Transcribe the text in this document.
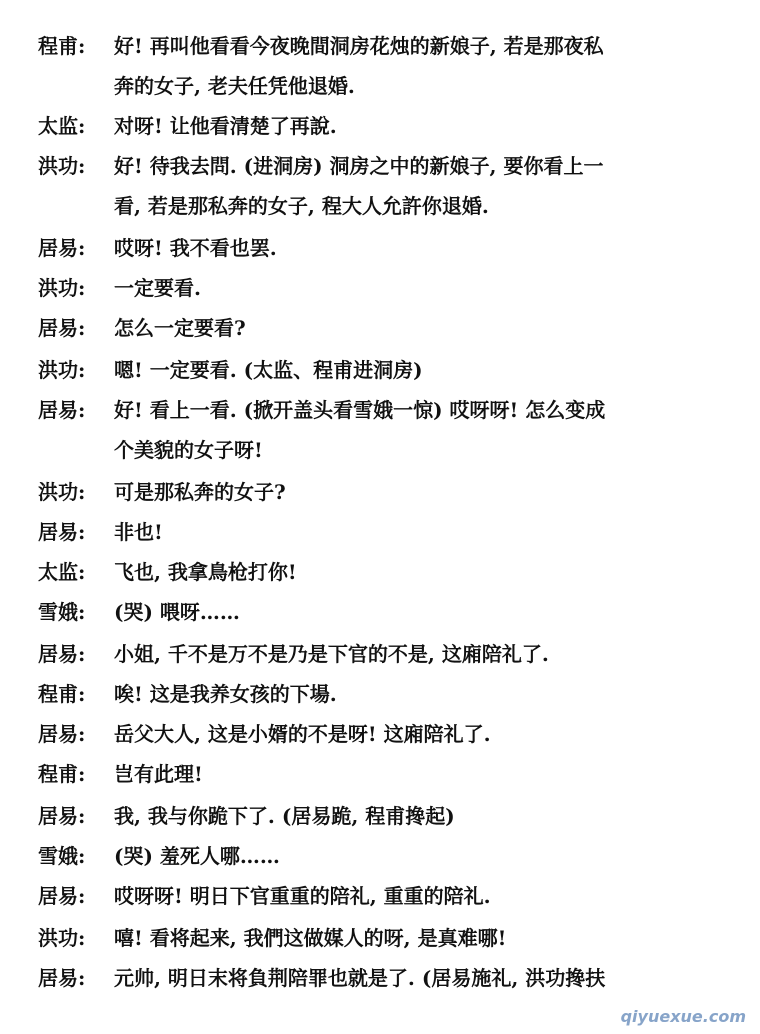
程甫: 好! 再叫他看看今夜晚間洞房花烛的新娘子, 若是那夜私
奔的女子, 老夫任凭他退婚.
太监: 对呀! 让他看清楚了再說.
洪功: 好! 待我去問. (进洞房) 洞房之中的新娘子, 要你看上一
看, 若是那私奔的女子, 程大人允許你退婚.
居易: 哎呀! 我不看也罢.
洪功: 一定要看.
居易: 怎么一定要看?
洪功: 嗯! 一定要看. (太监、程甫进洞房)
居易: 好! 看上一看. (掀开盖头看雪娥一惊) 哎呀呀! 怎么变成
个美貌的女子呀!
洪功: 可是那私奔的女子?
居易: 非也!
太监: 飞也, 我拿鳥枪打你!
雪娥: (哭) 喂呀……
居易: 小姐, 千不是万不是乃是下官的不是, 这廂陪礼了.
程甫: 唉! 这是我养女孩的下場.
居易: 岳父大人, 这是小婿的不是呀! 这廂陪礼了.
程甫: 岂有此理!
居易: 我, 我与你跪下了. (居易跪, 程甫搀起)
雪娥: (哭) 羞死人哪……
居易: 哎呀呀! 明日下官重重的陪礼, 重重的陪礼.
洪功: 嘻! 看将起来, 我們这做媒人的呀, 是真难哪!
居易: 元帅, 明日末将負荆陪罪也就是了. (居易施礼, 洪功搀扶
qiyuexue.com
